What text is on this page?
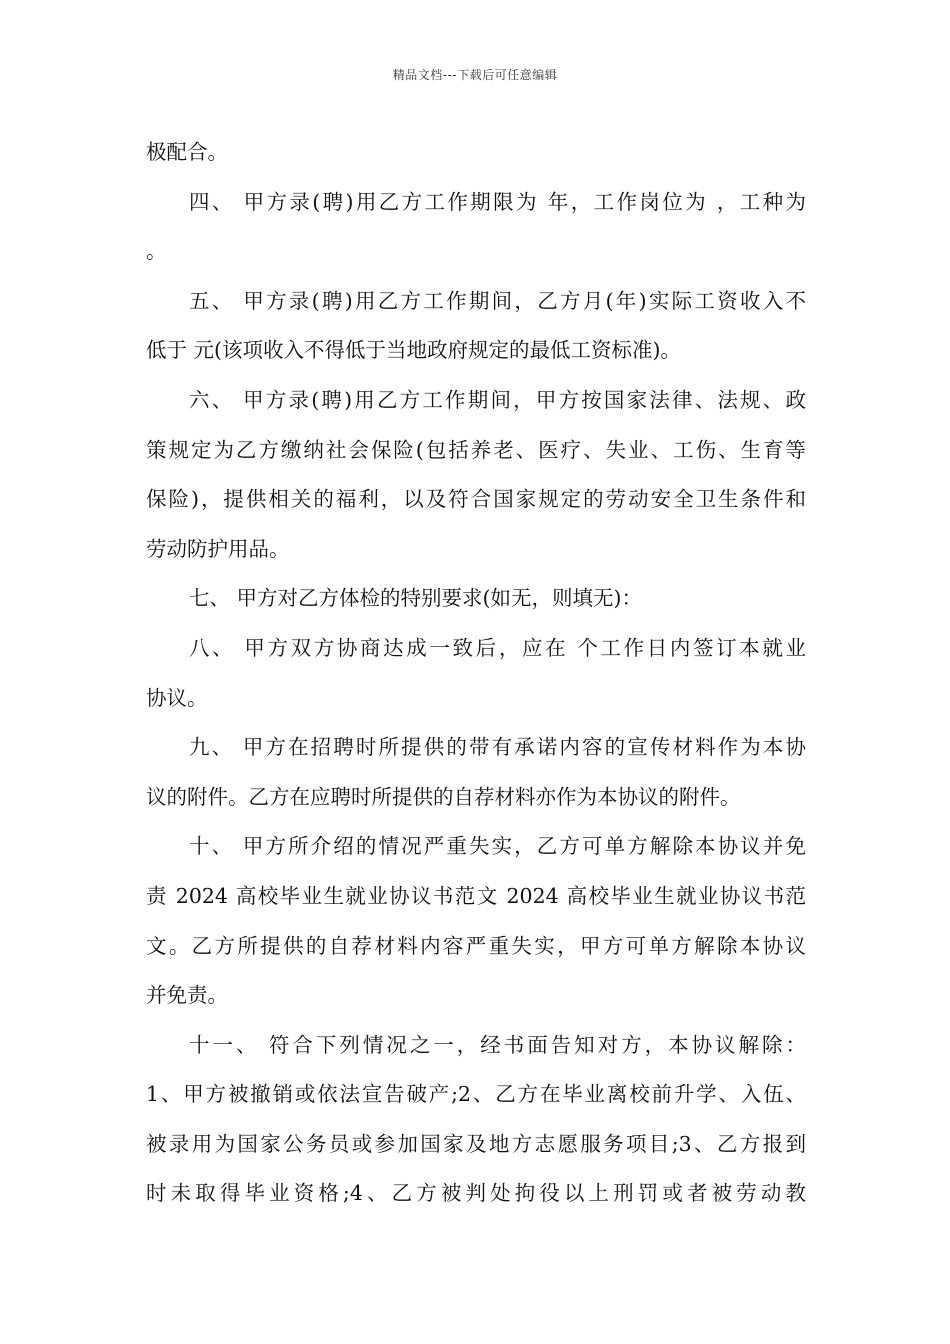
精品文档---下载后可任意编辑
极配合。
四、 甲方录(聘)用乙方工作期限为 年，工作岗位为 ，工种为
。
五、 甲方录(聘)用乙方工作期间，乙方月(年)实际工资收入不
低于 元(该项收入不得低于当地政府规定的最低工资标准)。
六、 甲方录(聘)用乙方工作期间，甲方按国家法律、法规、政
策规定为乙方缴纳社会保险(包括养老、医疗、失业、工伤、生育等
保险)，提供相关的福利，以及符合国家规定的劳动安全卫生条件和
劳动防护用品。
七、 甲方对乙方体检的特别要求(如无，则填无)：
八、 甲方双方协商达成一致后，应在 个工作日内签订本就业
协议。
九、 甲方在招聘时所提供的带有承诺内容的宣传材料作为本协
议的附件。乙方在应聘时所提供的自荐材料亦作为本协议的附件。
十、 甲方所介绍的情况严重失实，乙方可单方解除本协议并免
责 2024 高校毕业生就业协议书范文 2024 高校毕业生就业协议书范
文。乙方所提供的自荐材料内容严重失实，甲方可单方解除本协议
并免责。
十一、 符合下列情况之一，经书面告知对方，本协议解除：
1、甲方被撤销或依法宣告破产;2、乙方在毕业离校前升学、入伍、
被录用为国家公务员或参加国家及地方志愿服务项目;3、乙方报到
时未取得毕业资格;4、乙方被判处拘役以上刑罚或者被劳动教
